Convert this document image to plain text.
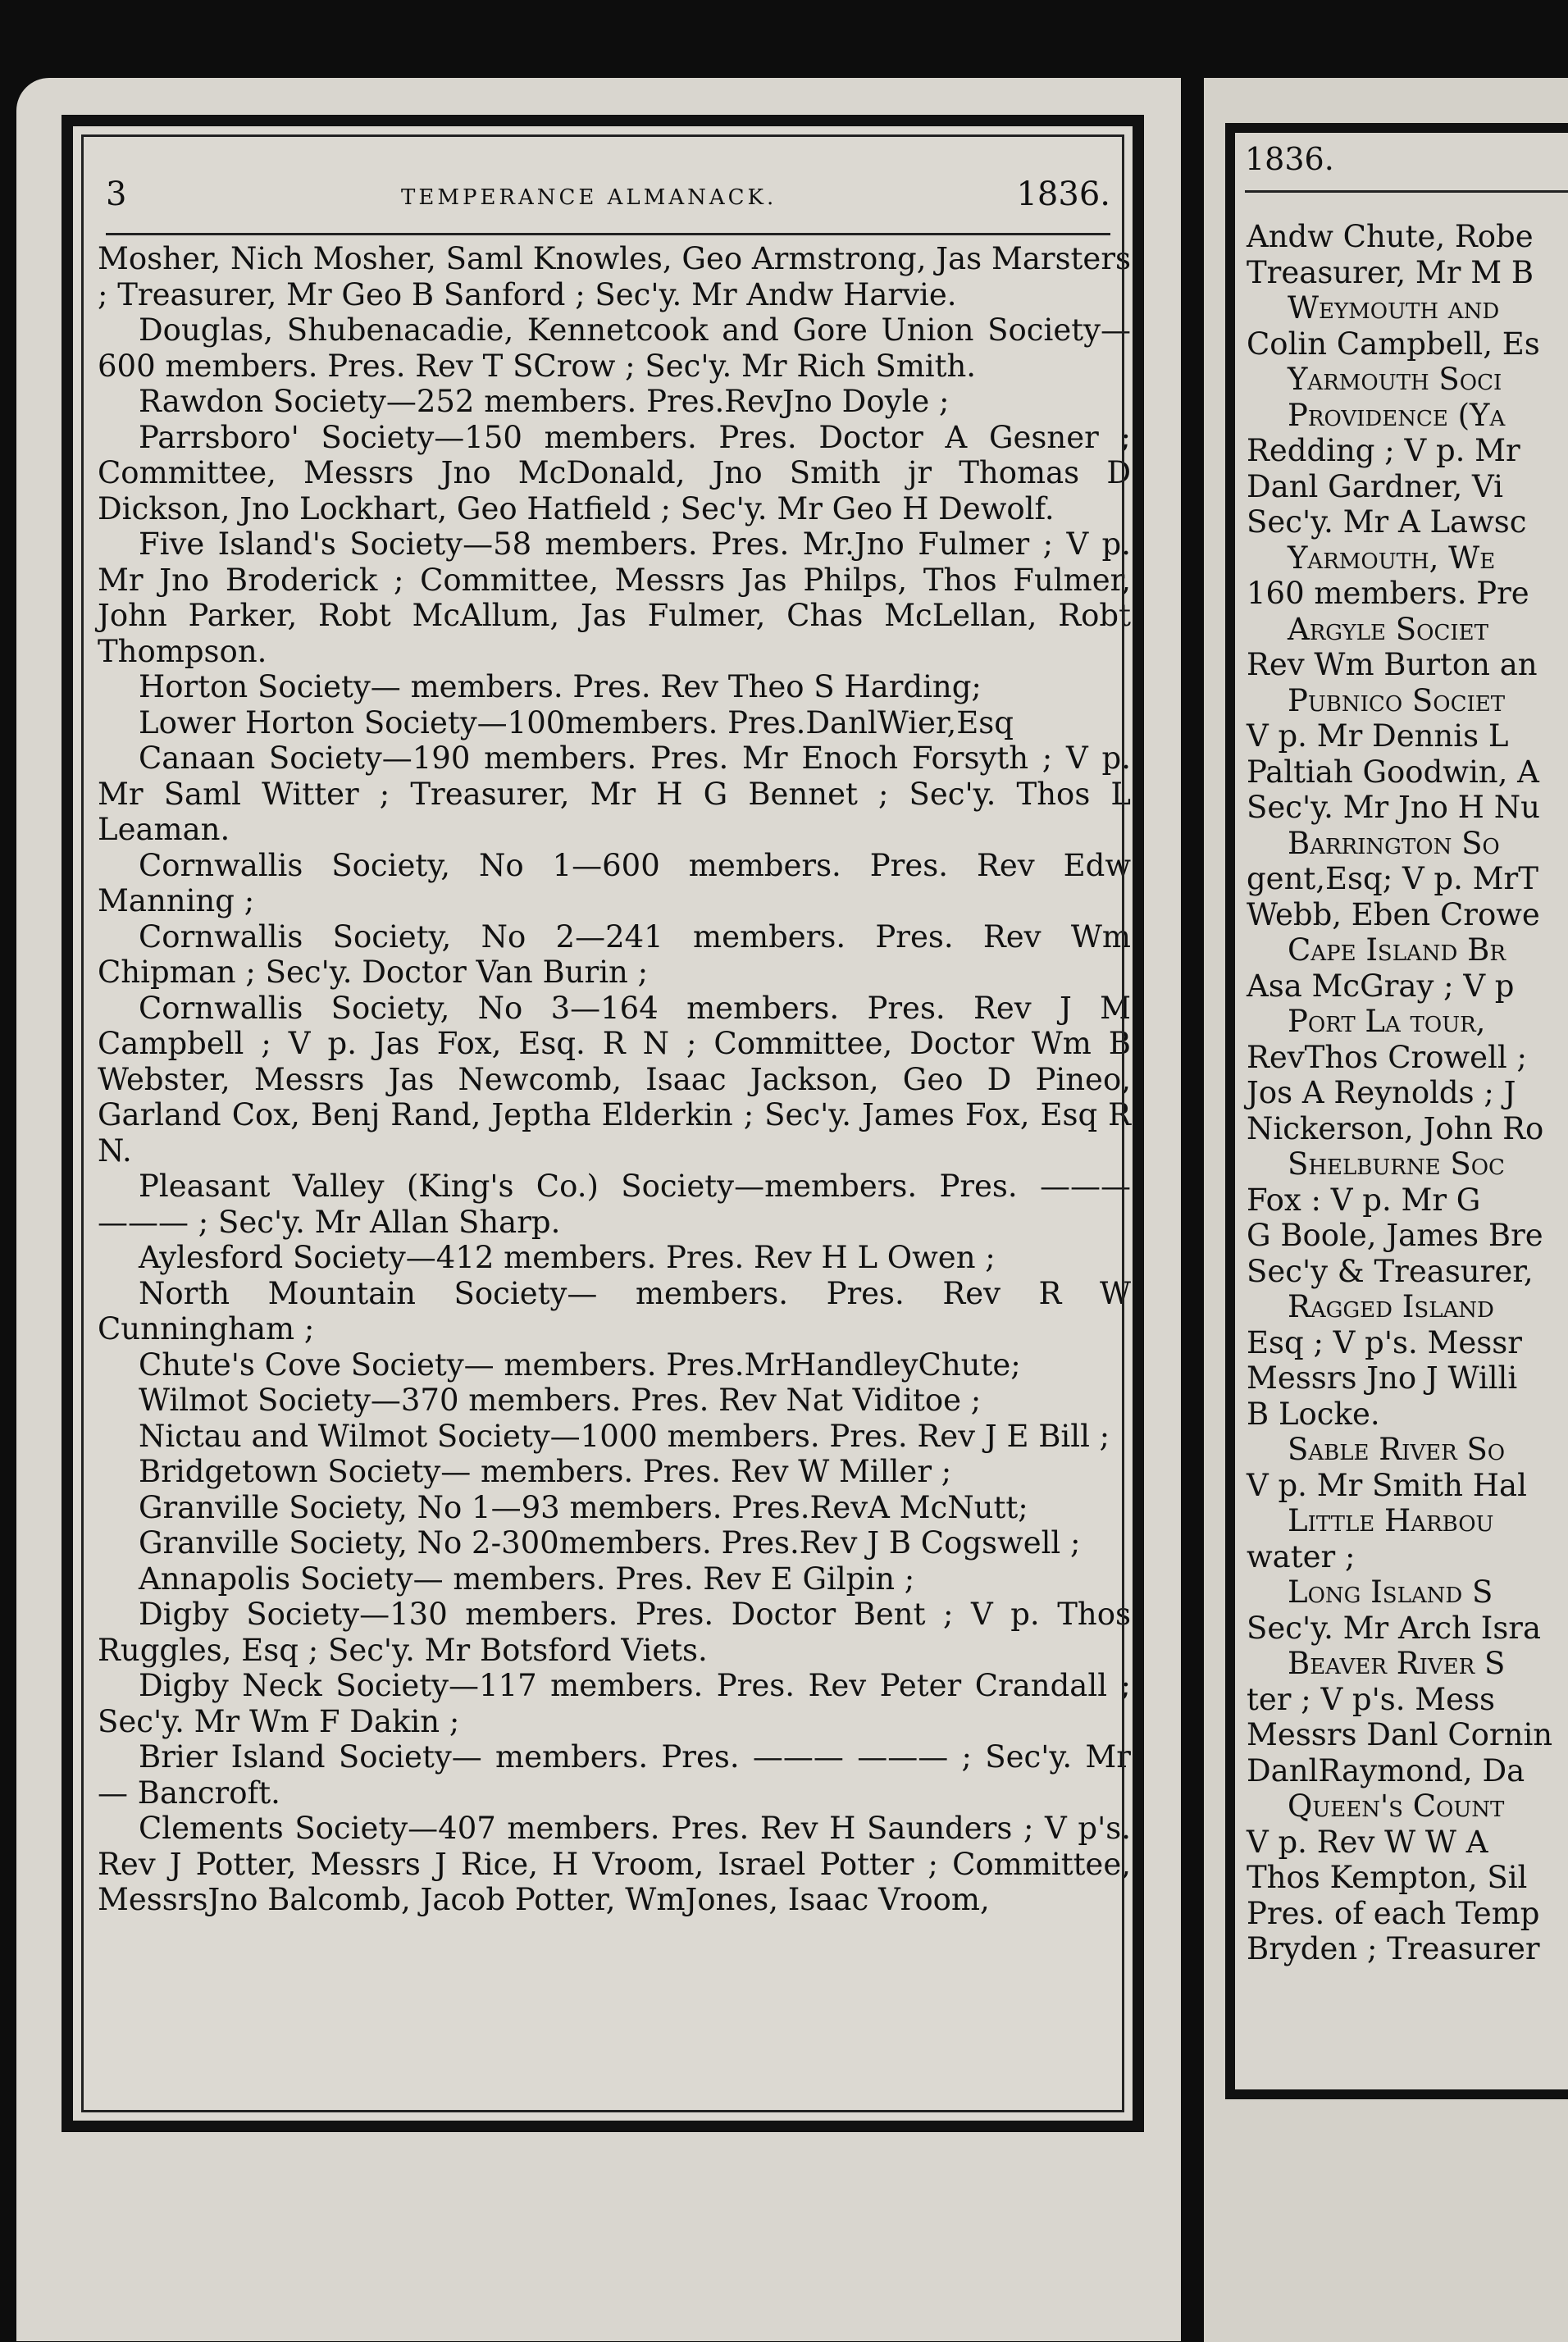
3	TEMPERANCE ALMANACK.	1836.

Mosher, Nich Mosher, Saml Knowles, Geo Armstrong, Jas Marsters ; Treasurer, Mr Geo B Sanford ; Sec'y. Mr Andw Harvie.

Douglas, Shubenacadie, Kennetcook and Gore Union Society—600 members. Pres. Rev T SCrow ; Sec'y. Mr Rich Smith.

Rawdon Society—252 members. Pres.RevJno Doyle ;

Parrsboro' Society—150 members. Pres. Doctor A Gesner ; Committee, Messrs Jno McDonald, Jno Smith jr Thomas D Dickson, Jno Lockhart, Geo Hatfield ; Sec'y. Mr Geo H Dewolf.

Five Island's Society—58 members. Pres. Mr.Jno Fulmer ; V p. Mr Jno Broderick ; Committee, Messrs Jas Philps, Thos Fulmer, John Parker, Robt McAllum, Jas Fulmer, Chas McLellan, Robt Thompson.

Horton Society— members. Pres. Rev Theo S Harding;

Lower Horton Society—100members. Pres.DanlWier,Esq

Canaan Society—190 members. Pres. Mr Enoch Forsyth ; V p. Mr Saml Witter ; Treasurer, Mr H G Bennet ; Sec'y. Thos L Leaman.

Cornwallis Society, No 1—600 members. Pres. Rev Edw Manning ;

Cornwallis Society, No 2—241 members. Pres. Rev Wm Chipman ; Sec'y. Doctor Van Burin ;

Cornwallis Society, No 3—164 members. Pres. Rev J M Campbell ; V p. Jas Fox, Esq. R N ; Committee, Doctor Wm B Webster, Messrs Jas Newcomb, Isaac Jackson, Geo D Pineo, Garland Cox, Benj Rand, Jeptha Elderkin ; Sec'y. James Fox, Esq R N.

Pleasant Valley (King's Co.) Society—members. Pres. ——— ——— ; Sec'y. Mr Allan Sharp.

Aylesford Society—412 members. Pres. Rev H L Owen ;

North Mountain Society— members. Pres. Rev R W Cunningham ;

Chute's Cove Society— members. Pres.MrHandleyChute;

Wilmot Society—370 members. Pres. Rev Nat Viditoe ;

Nictau and Wilmot Society—1000 members. Pres. Rev J E Bill ;

Bridgetown Society— members. Pres. Rev W Miller ;

Granville Society, No 1—93 members. Pres.RevA McNutt;

Granville Society, No 2-300members. Pres.Rev J B Cogswell ;

Annapolis Society— members. Pres. Rev E Gilpin ;

Digby Society—130 members. Pres. Doctor Bent ; V p. Thos Ruggles, Esq ; Sec'y. Mr Botsford Viets.

Digby Neck Society—117 members. Pres. Rev Peter Crandall ; Sec'y. Mr Wm F Dakin ;

Brier Island Society— members. Pres. ——— ——— ; Sec'y. Mr — Bancroft.

Clements Society—407 members. Pres. Rev H Saunders ; V p's. Rev J Potter, Messrs J Rice, H Vroom, Israel Potter ; Committee, MessrsJno Balcomb, Jacob Potter, WmJones, Isaac Vroom,

1836.

Andw Chute, Robe

Treasurer, Mr M B

Weymouth and

Colin Campbell, Es

Yarmouth Soci

Providence (Ya

Redding ; V p. Mr

Danl Gardner, Vi

Sec'y. Mr A Lawsc

Yarmouth, We

160 members. Pre

Argyle Societ

Rev Wm Burton an

Pubnico Societ

V p. Mr Dennis L

Paltiah Goodwin, A

Sec'y. Mr Jno H Nu

Barrington So

gent,Esq; V p. MrT

Webb, Eben Crowe

Cape Island Br

Asa McGray ; V p

Port La tour,

RevThos Crowell ;

Jos A Reynolds ; J

Nickerson, John Ro

Shelburne Soc

Fox : V p. Mr G

G Boole, James Bre

Sec'y & Treasurer,

Ragged Island

Esq ; V p's. Messr

Messrs Jno J Willi

B Locke.

Sable River So

V p. Mr Smith Hal

Little Harbou

water ;

Long Island S

Sec'y. Mr Arch Isra

Beaver River S

ter ; V p's. Mess

Messrs Danl Cornin

DanlRaymond, Da

Queen's Count

V p. Rev W W A

Thos Kempton, Sil

Pres. of each Temp

Bryden ; Treasurer
